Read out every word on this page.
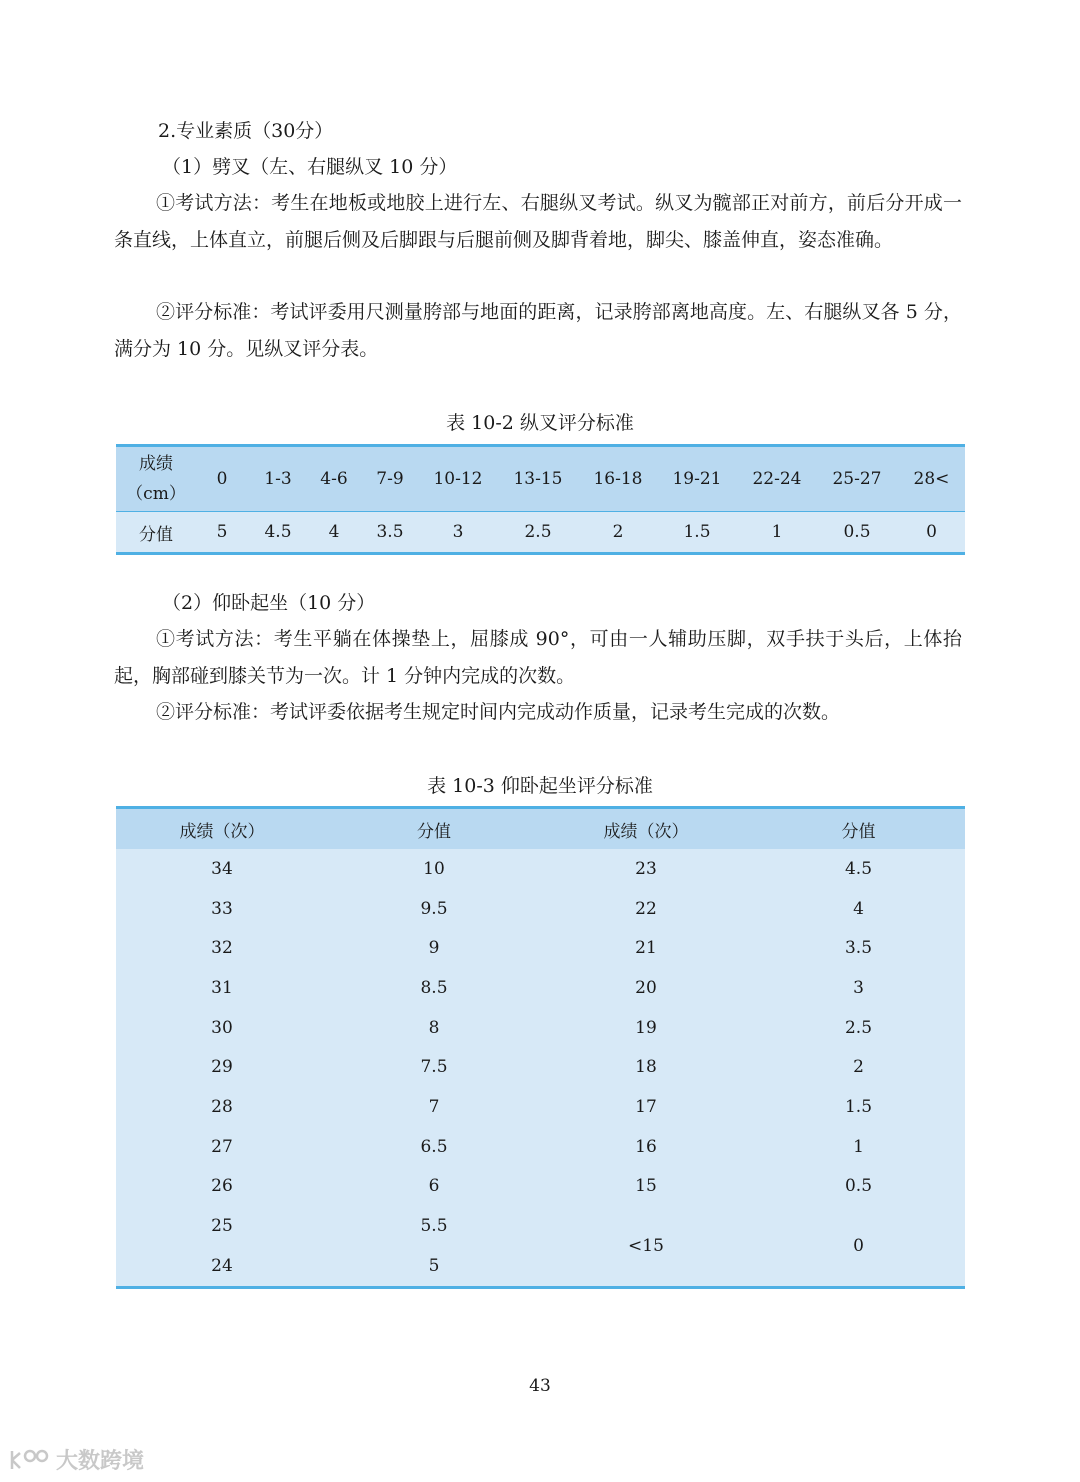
2.专业素质（30分）
（1）劈叉（左、右腿纵叉 10 分）
①考试方法：考生在地板或地胶上进行左、右腿纵叉考试。纵叉为髋部正对前方，前后分开成一条直线，上体直立，前腿后侧及后脚跟与后腿前侧及脚背着地，脚尖、膝盖伸直，姿态准确。
②评分标准：考试评委用尺测量胯部与地面的距离，记录胯部离地高度。左、右腿纵叉各 5 分，满分为 10 分。见纵叉评分表。
表 10-2 纵叉评分标准
成绩
（cm）	0	1-3	4-6	7-9	10-12	13-15	16-18	19-21	22-24	25-27	28<
分值	5	4.5	4	3.5	3	2.5	2	1.5	1	0.5	0
（2）仰卧起坐（10 分）
①考试方法：考生平躺在体操垫上，屈膝成 90°，可由一人辅助压脚，双手扶于头后，上体抬起，胸部碰到膝关节为一次。计 1 分钟内完成的次数。
②评分标准：考试评委依据考生规定时间内完成动作质量，记录考生完成的次数。
表 10-3 仰卧起坐评分标准
成绩（次）	分值	成绩（次）	分值
34	10	23	4.5
33	9.5	22	4
32	9	21	3.5
31	8.5	20	3
30	8	19	2.5
29	7.5	18	2
28	7	17	1.5
27	6.5	16	1
26	6	15	0.5
25	5.5	<15	0
24	5		
43
大数跨境
